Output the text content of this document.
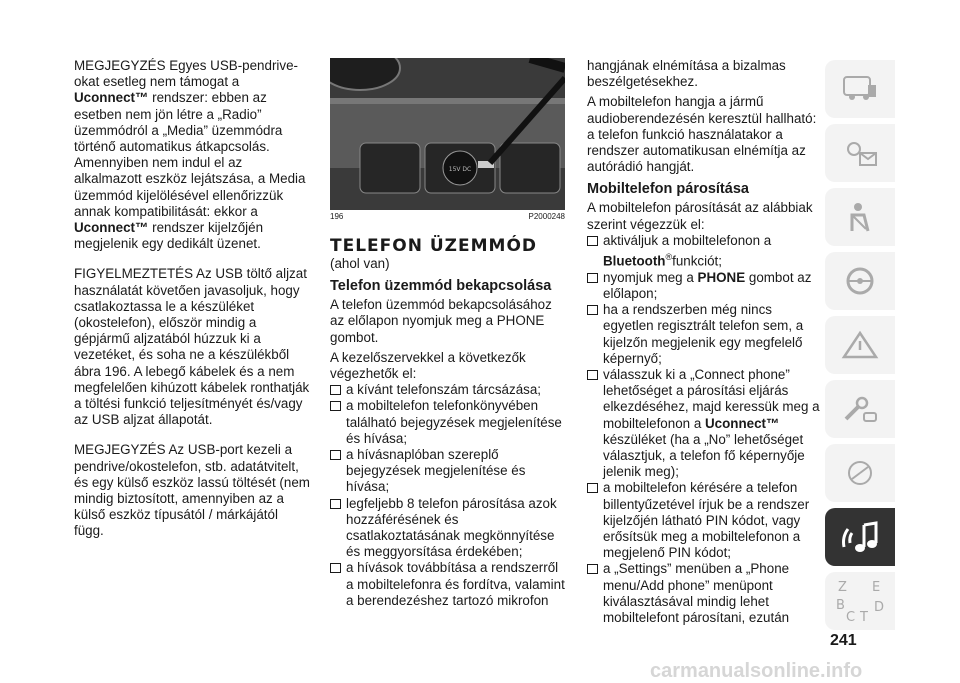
MEGJEGYZÉS Egyes USB-pendrive-okat esetleg nem támogat a Uconnect™ rendszer: ebben az esetben nem jön létre a „Radio” üzemmódról a „Media” üzemmódra történő automatikus átkapcsolás. Amennyiben nem indul el az alkalmazott eszköz lejátszása, a Media üzemmód kijelölésével ellenőrizzük annak kompatibilitását: ekkor a Uconnect™ rendszer kijelzőjén megjelenik egy dedikált üzenet.

FIGYELMEZTETÉS Az USB töltő aljzat használatát követően javasoljuk, hogy csatlakoztassa le a készüléket (okostelefon), először mindig a gépjármű aljzatából húzzuk ki a vezetéket, és soha ne a készülékből ábra 196. A lebegő kábelek és a nem megfelelően kihúzott kábelek ronthatják a töltési funkció teljesítményét és/vagy az USB aljzat állapotát.

MEGJEGYZÉS Az USB-port kezeli a pendrive/okostelefon, stb. adatátvitelt, és egy külső eszköz lassú töltését (nem mindig biztosított, amennyiben az a külső eszköz típusától / márkájától függ.

15V DC
196	P2000248
TELEFON ÜZEMMÓD
(ahol van)
Telefon üzemmód bekapcsolása

A telefon üzemmód bekapcsolásához az előlapon nyomjuk meg a PHONE gombot.

A kezelőszervekkel a következők végezhetők el:

a kívánt telefonszám tárcsázása;
a mobiltelefon telefonkönyvében található bejegyzések megjelenítése és hívása;
a hívásnaplóban szereplő bejegyzések megjelenítése és hívása;
legfeljebb 8 telefon párosítása azok hozzáférésének és csatlakoztatásának megkönnyítése és meggyorsítása érdekében;
a hívások továbbítása a rendszerről a mobiltelefonra és fordítva, valamint a berendezéshez tartozó mikrofon

hangjának elnémítása a bizalmas beszélgetésekhez.

A mobiltelefon hangja a jármű audioberendezésén keresztül hallható: a telefon funkció használatakor a rendszer automatikusan elnémítja az autórádió hangját.

Mobiltelefon párosítása

A mobiltelefon párosítását az alábbiak szerint végezzük el:

aktiváljuk a mobiltelefonon a Bluetooth®funkciót;
nyomjuk meg a PHONE gombot az előlapon;
ha a rendszerben még nincs egyetlen regisztrált telefon sem, a kijelzőn megjelenik egy megfelelő képernyő;
válasszuk ki a „Connect phone” lehetőséget a párosítási eljárás elkezdéséhez, majd keressük meg a mobiltelefonon a Uconnect™ készüléket (ha a „No” lehetőséget választjuk, a telefon fő képernyője jelenik meg);
a mobiltelefon kérésére a telefon billentyűzetével írjuk be a rendszer kijelzőjén látható PIN kódot, vagy erősítsük meg a mobiltelefonon a megjelenő PIN kódot;
a „Settings” menüben a „Phone menu/Add phone” menüpont kiválasztásával mindig lehet mobiltelefont párosítani, ezután
Z E
B D
C T
241
carmanualsonline.info
